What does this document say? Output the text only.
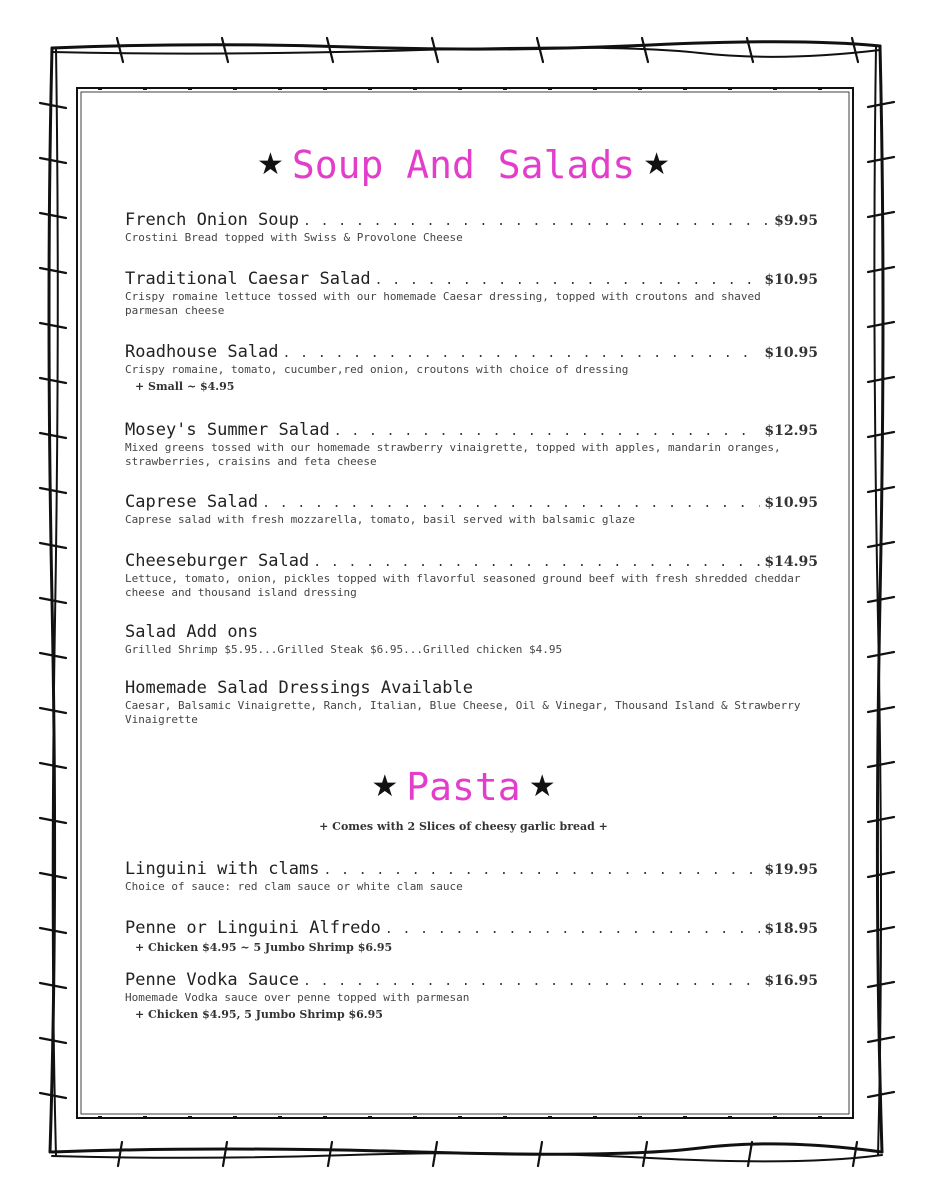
★ Soup And Salads ★
French Onion Soup . . .	$9.95
Crostini Bread topped with Swiss & Provolone Cheese
Traditional Caesar Salad . . .	$10.95
Crispy romaine lettuce tossed with our homemade Caesar dressing, topped with croutons and shaved parmesan cheese
Roadhouse Salad . . .	$10.95
Crispy romaine, tomato, cucumber,red onion, croutons with choice of dressing
+ Small ~ $4.95
Mosey's Summer Salad . . .	$12.95
Mixed greens tossed with our homemade strawberry vinaigrette, topped with apples, mandarin oranges, strawberries, craisins and feta cheese
Caprese Salad . . .	$10.95
Caprese salad with fresh mozzarella, tomato, basil served with balsamic glaze
Cheeseburger Salad . . .	$14.95
Lettuce, tomato, onion, pickles topped with flavorful seasoned ground beef with fresh shredded cheddar cheese and thousand island dressing
Salad Add ons
Grilled Shrimp $5.95...Grilled Steak $6.95...Grilled chicken $4.95
Homemade Salad Dressings Available
Caesar, Balsamic Vinaigrette, Ranch, Italian, Blue Cheese, Oil & Vinegar, Thousand Island & Strawberry Vinaigrette
★ Pasta ★
+ Comes with 2 Slices of cheesy garlic bread +
Linguini with clams . . .	$19.95
Choice of sauce: red clam sauce or white clam sauce
Penne or Linguini Alfredo . . .	$18.95
+ Chicken $4.95 ~ 5 Jumbo Shrimp $6.95
Penne Vodka Sauce . . .	$16.95
Homemade Vodka sauce over penne topped with parmesan
+ Chicken $4.95, 5 Jumbo Shrimp $6.95
